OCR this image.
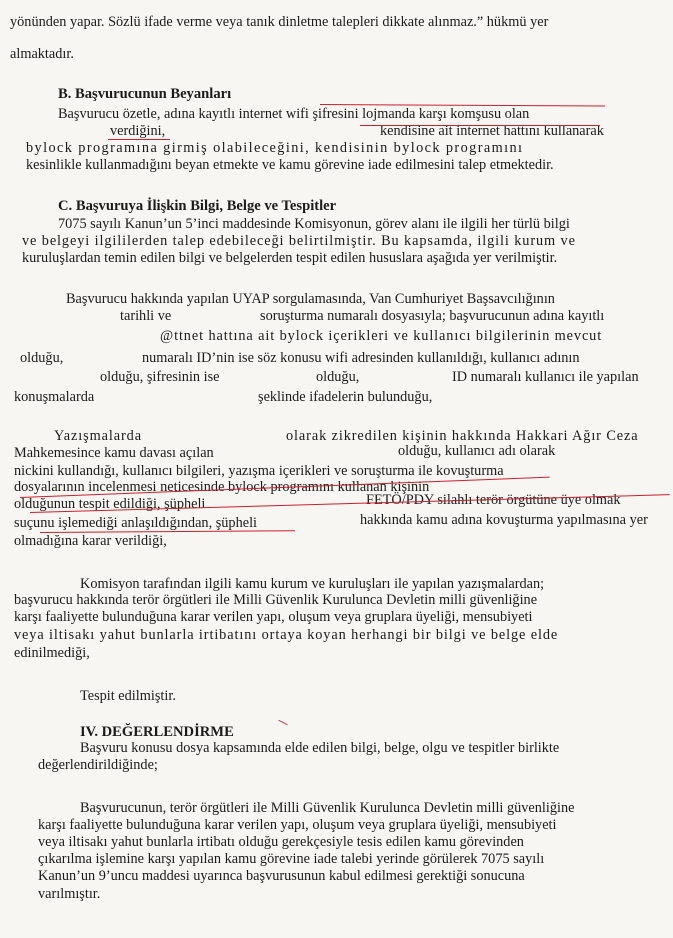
yönünden yapar. Sözlü ifade verme veya tanık dinletme talepleri dikkate alınmaz.” hükmü yer
almaktadır.
B. Başvurucunun Beyanları
Başvurucu özetle, adına kayıtlı internet wifi şifresini lojmanda karşı komşusu olan
verdiğini,	kendisine ait internet hattını kullanarak
bylock programına girmiş olabileceğini, kendisinin bylock programını
kesinlikle kullanmadığını beyan etmekte ve kamu görevine iade edilmesini talep etmektedir.
C. Başvuruya İlişkin Bilgi, Belge ve Tespitler
7075 sayılı Kanun’un 5’inci maddesinde Komisyonun, görev alanı ile ilgili her türlü bilgi
ve belgeyi ilgililerden talep edebileceği belirtilmiştir. Bu kapsamda, ilgili kurum ve
kuruluşlardan temin edilen bilgi ve belgelerden tespit edilen hususlara aşağıda yer verilmiştir.
Başvurucu hakkında yapılan UYAP sorgulamasında, Van Cumhuriyet Başsavcılığının
tarihli ve	soruşturma numaralı dosyasıyla; başvurucunun adına kayıtlı
@ttnet hattına ait bylock içerikleri ve kullanıcı bilgilerinin mevcut
olduğu,	numaralı ID’nin ise söz konusu wifi adresinden kullanıldığı, kullanıcı adının
olduğu, şifresinin ise	olduğu,	ID numaralı kullanıcı ile yapılan
konuşmalarda	şeklinde ifadelerin bulunduğu,
Yazışmalarda	olarak zikredilen kişinin hakkında Hakkari Ağır Ceza
Mahkemesince kamu davası açılan	olduğu, kullanıcı adı olarak
nickini kullandığı, kullanıcı bilgileri, yazışma içerikleri ve soruşturma ile kovuşturma
dosyalarının incelenmesi neticesinde bylock programını kullanan kişinin
olduğunun tespit edildiği, şüpheli	FETÖ/PDY silahlı terör örgütüne üye olmak
suçunu işlemediği anlaşıldığından, şüpheli	hakkında kamu adına kovuşturma yapılmasına yer
olmadığına karar verildiği,
Komisyon tarafından ilgili kamu kurum ve kuruluşları ile yapılan yazışmalardan;
başvurucu hakkında terör örgütleri ile Milli Güvenlik Kurulunca Devletin milli güvenliğine
karşı faaliyette bulunduğuna karar verilen yapı, oluşum veya gruplara üyeliği, mensubiyeti
veya iltisakı yahut bunlarla irtibatını ortaya koyan herhangi bir bilgi ve belge elde
edinilmediği,
Tespit edilmiştir.
IV. DEĞERLENDİRME
Başvuru konusu dosya kapsamında elde edilen bilgi, belge, olgu ve tespitler birlikte
değerlendirildiğinde;
Başvurucunun, terör örgütleri ile Milli Güvenlik Kurulunca Devletin milli güvenliğine
karşı faaliyette bulunduğuna karar verilen yapı, oluşum veya gruplara üyeliği, mensubiyeti
veya iltisakı yahut bunlarla irtibatı olduğu gerekçesiyle tesis edilen kamu görevinden
çıkarılma işlemine karşı yapılan kamu görevine iade talebi yerinde görülerek 7075 sayılı
Kanun’un 9’uncu maddesi uyarınca başvurusunun kabul edilmesi gerektiği sonucuna
varılmıştır.
